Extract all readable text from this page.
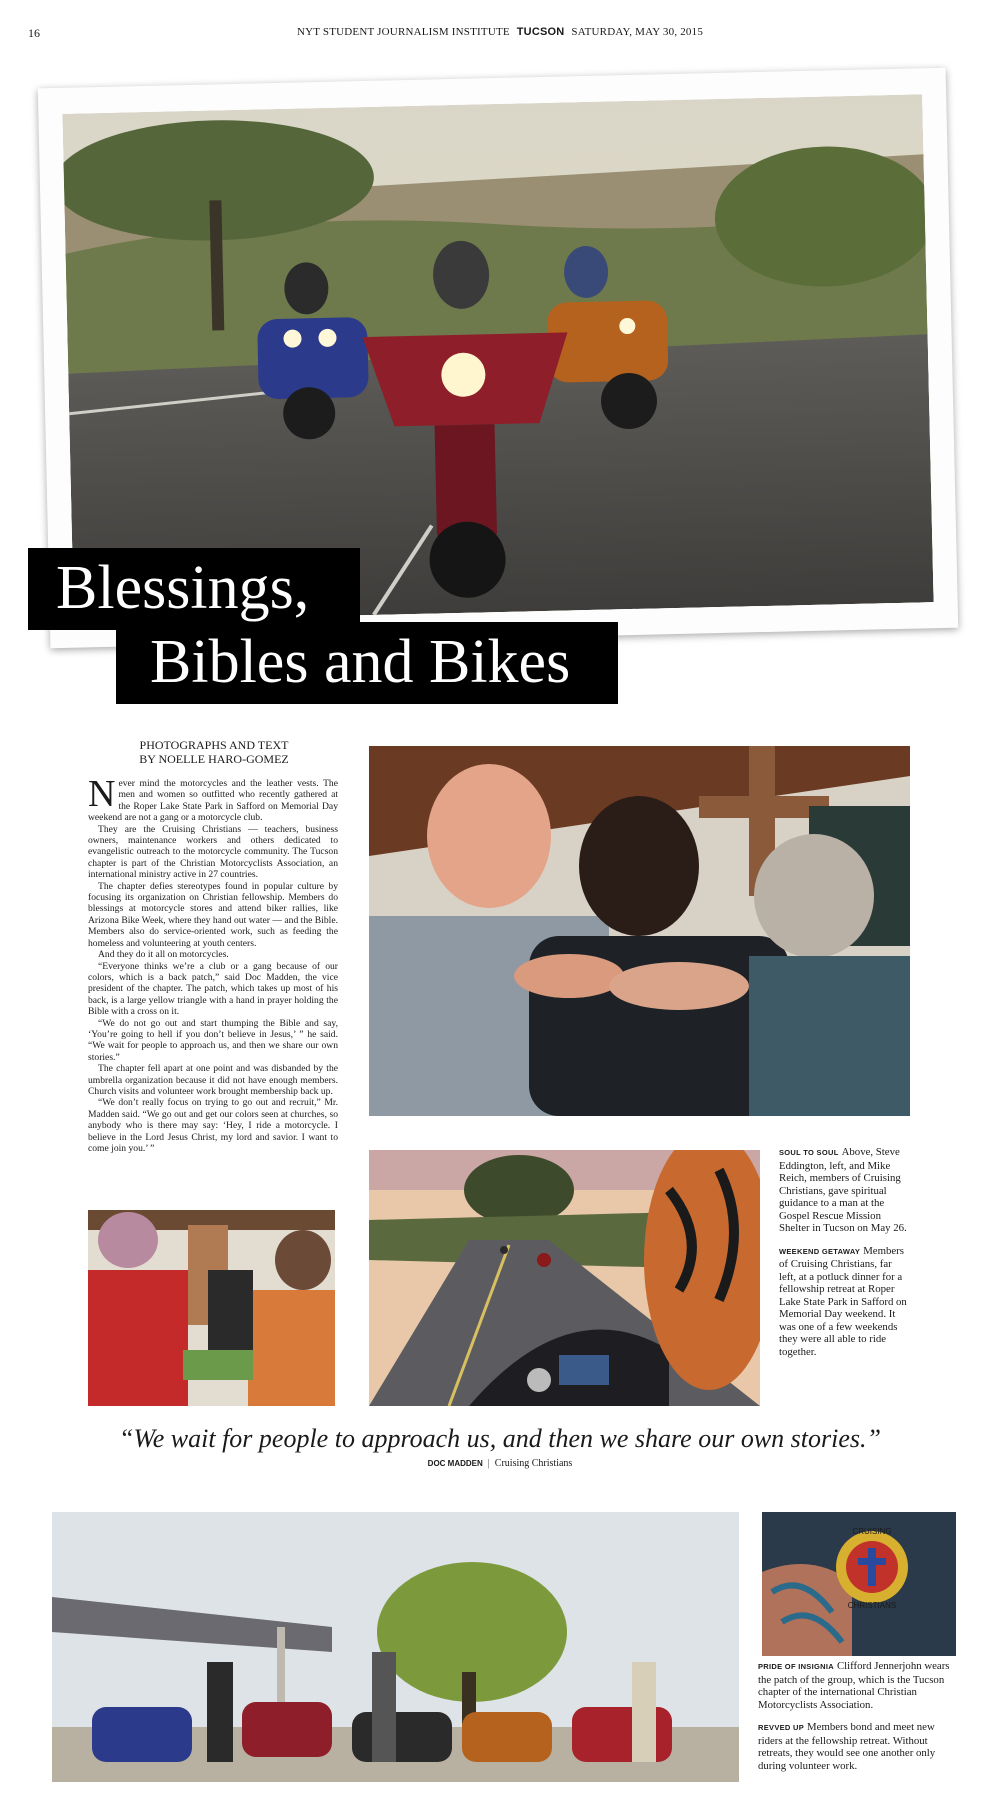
16	NYT STUDENT JOURNALISM INSTITUTE TUCSON SATURDAY, MAY 30, 2015
Blessings,
Bibles and Bikes
PHOTOGRAPHS AND TEXT
BY NOELLE HARO-GOMEZ

Never mind the motorcycles and the leather vests. The men and women so outfitted who recently gathered at the Roper Lake State Park in Safford on Memorial Day weekend are not a gang or a motorcycle club.

They are the Cruising Christians — teachers, business owners, maintenance workers and others dedicated to evangelistic outreach to the motorcycle community. The Tucson chapter is part of the Christian Motorcyclists Association, an international ministry active in 27 countries.

The chapter defies stereotypes found in popular culture by focusing its organization on Christian fellowship. Members do blessings at motorcycle stores and attend biker rallies, like Arizona Bike Week, where they hand out water — and the Bible. Members also do service-oriented work, such as feeding the homeless and volunteering at youth centers.

And they do it all on motorcycles.

“Everyone thinks we’re a club or a gang because of our colors, which is a back patch,” said Doc Madden, the vice president of the chapter. The patch, which takes up most of his back, is a large yellow triangle with a hand in prayer holding the Bible with a cross on it.

“We do not go out and start thumping the Bible and say, ‘You’re going to hell if you don’t believe in Jesus,’ ” he said. “We wait for people to approach us, and then we share our own stories.”

The chapter fell apart at one point and was disbanded by the umbrella organization because it did not have enough members. Church visits and volunteer work brought membership back up.

“We don’t really focus on trying to go out and recruit,” Mr. Madden said. “We go out and get our colors seen at churches, so anybody who is there may say: ‘Hey, I ride a motorcycle. I believe in the Lord Jesus Christ, my lord and savior. I want to come join you.’ ”	SOUL TO SOUL Above, Steve Eddington, left, and Mike Reich, members of Cruising Christians, gave spiritual guidance to a man at the Gospel Rescue Mission Shelter in Tucson on May 26.
WEEKEND GETAWAY Members of Cruising Christians, far left, at a potluck dinner for a fellowship retreat at Roper Lake State Park in Safford on Memorial Day weekend. It was one of a few weekends they were all able to ride together.
“We wait for people to approach us, and then we share our own stories.”
DOC MADDEN | Cruising Christians
CRUISING
CHRISTIANS
PRIDE OF INSIGNIA Clifford Jennerjohn wears the patch of the group, which is the Tucson chapter of the international Christian Motorcyclists Association.
REVVED UP Members bond and meet new riders at the fellowship retreat. Without retreats, they would see one another only during volunteer work.
